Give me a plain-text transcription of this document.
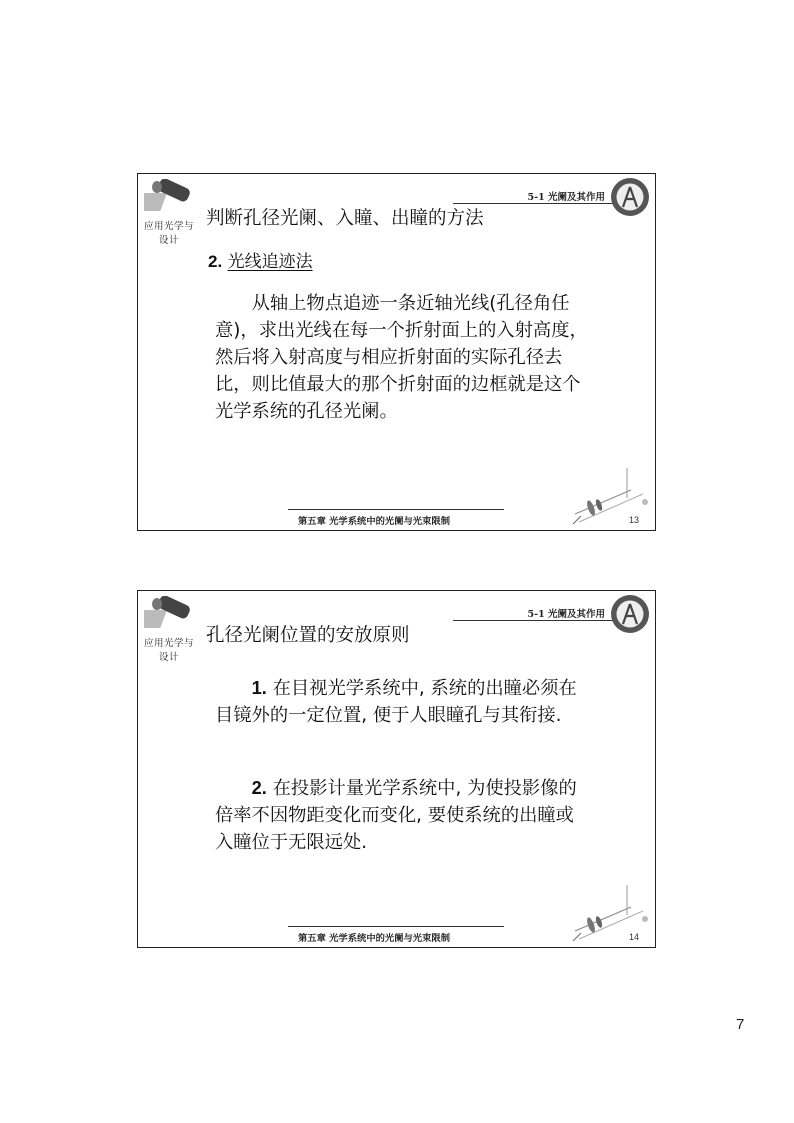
应用光学与设计
5-1 光阑及其作用
判断孔径光阑、入瞳、出瞳的方法
2. 光线追迹法

从轴上物点追迹一条近轴光线(孔径角任意)，求出光线在每一个折射面上的入射高度，然后将入射高度与相应折射面的实际孔径去比，则比值最大的那个折射面的边框就是这个光学系统的孔径光阑。

第五章 光学系统中的光阑与光束限制	13
应用光学与设计
5-1 光阑及其作用
孔径光阑位置的安放原则

1. 在目视光学系统中, 系统的出瞳必须在目镜外的一定位置, 便于人眼瞳孔与其衔接.

2. 在投影计量光学系统中, 为使投影像的倍率不因物距变化而变化, 要使系统的出瞳或入瞳位于无限远处.

第五章 光学系统中的光阑与光束限制	14
7
